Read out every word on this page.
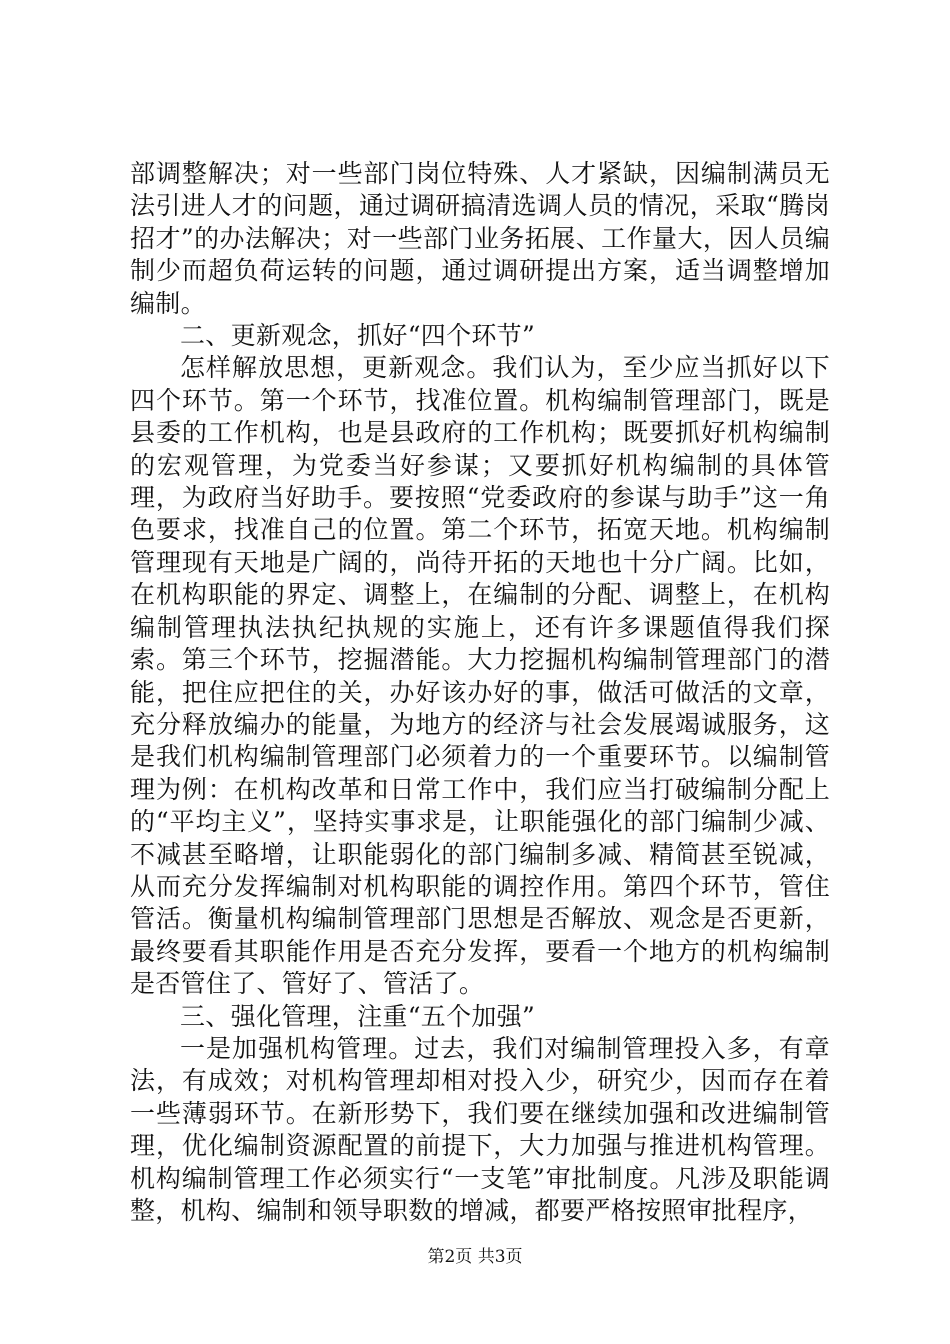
部调整解决；对一些部门岗位特殊、人才紧缺，因编制满员无法引进人才的问题，通过调研搞清选调人员的情况，采取“腾岗招才”的办法解决；对一些部门业务拓展、工作量大，因人员编制少而超负荷运转的问题，通过调研提出方案，适当调整增加编制。

二、更新观念，抓好“四个环节”

怎样解放思想，更新观念。我们认为，至少应当抓好以下四个环节。第一个环节，找准位置。机构编制管理部门，既是县委的工作机构，也是县政府的工作机构；既要抓好机构编制的宏观管理，为党委当好参谋；又要抓好机构编制的具体管理，为政府当好助手。要按照“党委政府的参谋与助手”这一角色要求，找准自己的位置。第二个环节，拓宽天地。机构编制管理现有天地是广阔的，尚待开拓的天地也十分广阔。比如，在机构职能的界定、调整上，在编制的分配、调整上，在机构编制管理执法执纪执规的实施上，还有许多课题值得我们探索。第三个环节，挖掘潜能。大力挖掘机构编制管理部门的潜能，把住应把住的关，办好该办好的事，做活可做活的文章，充分释放编办的能量，为地方的经济与社会发展竭诚服务，这是我们机构编制管理部门必须着力的一个重要环节。以编制管理为例：在机构改革和日常工作中，我们应当打破编制分配上的“平均主义”，坚持实事求是，让职能强化的部门编制少减、不减甚至略增，让职能弱化的部门编制多减、精简甚至锐减，从而充分发挥编制对机构职能的调控作用。第四个环节，管住管活。衡量机构编制管理部门思想是否解放、观念是否更新，最终要看其职能作用是否充分发挥，要看一个地方的机构编制是否管住了、管好了、管活了。

三、强化管理，注重“五个加强”

一是加强机构管理。过去，我们对编制管理投入多，有章法，有成效；对机构管理却相对投入少，研究少，因而存在着一些薄弱环节。在新形势下，我们要在继续加强和改进编制管理，优化编制资源配置的前提下，大力加强与推进机构管理。机构编制管理工作必须实行“一支笔”审批制度。凡涉及职能调整，机构、编制和领导职数的增减，都要严格按照审批程序，

第2页 共3页
